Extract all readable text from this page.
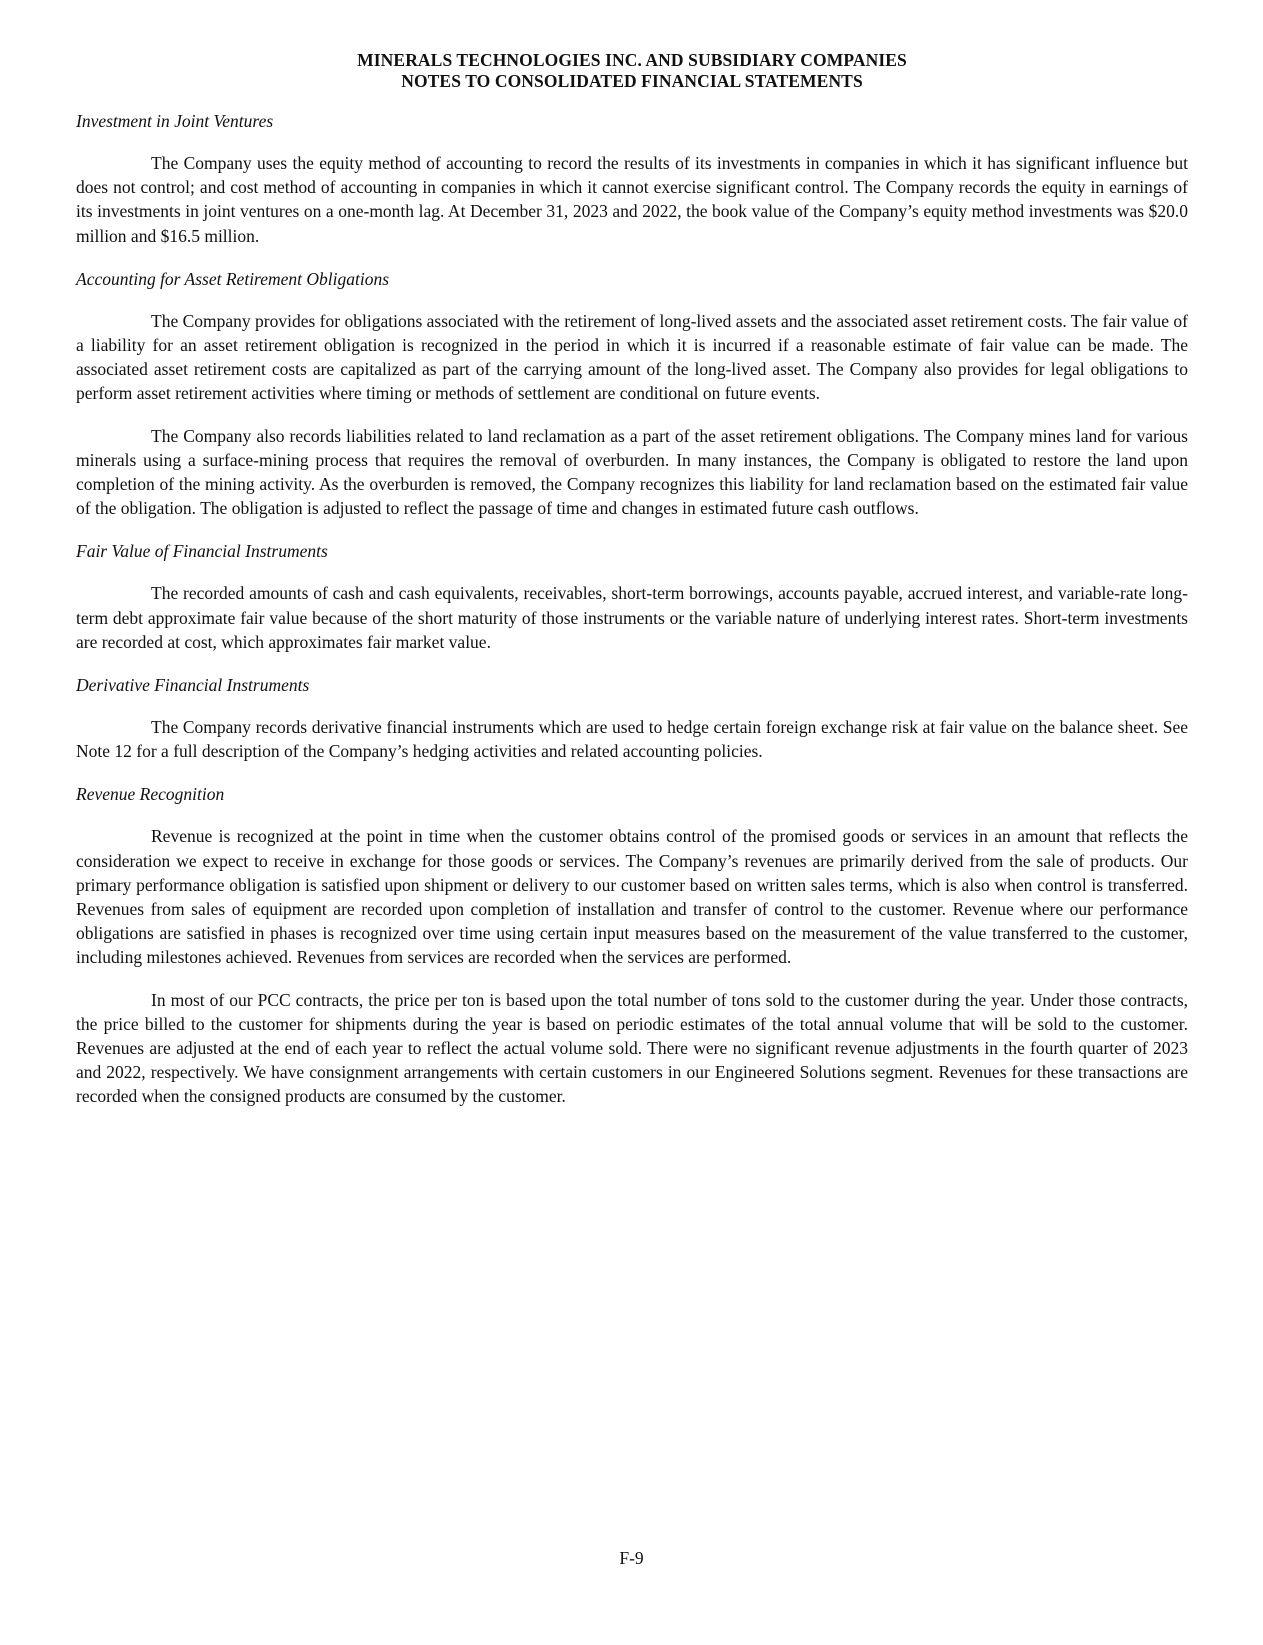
MINERALS TECHNOLOGIES INC. AND SUBSIDIARY COMPANIES
NOTES TO CONSOLIDATED FINANCIAL STATEMENTS

Investment in Joint Ventures

The Company uses the equity method of accounting to record the results of its investments in companies in which it has significant influence but does not control; and cost method of accounting in companies in which it cannot exercise significant control. The Company records the equity in earnings of its investments in joint ventures on a one-month lag. At December 31, 2023 and 2022, the book value of the Company’s equity method investments was $20.0 million and $16.5 million.

Accounting for Asset Retirement Obligations

The Company provides for obligations associated with the retirement of long-lived assets and the associated asset retirement costs. The fair value of a liability for an asset retirement obligation is recognized in the period in which it is incurred if a reasonable estimate of fair value can be made. The associated asset retirement costs are capitalized as part of the carrying amount of the long-lived asset. The Company also provides for legal obligations to perform asset retirement activities where timing or methods of settlement are conditional on future events.

The Company also records liabilities related to land reclamation as a part of the asset retirement obligations. The Company mines land for various minerals using a surface-mining process that requires the removal of overburden. In many instances, the Company is obligated to restore the land upon completion of the mining activity. As the overburden is removed, the Company recognizes this liability for land reclamation based on the estimated fair value of the obligation. The obligation is adjusted to reflect the passage of time and changes in estimated future cash outflows.

Fair Value of Financial Instruments

The recorded amounts of cash and cash equivalents, receivables, short-term borrowings, accounts payable, accrued interest, and variable-rate long-term debt approximate fair value because of the short maturity of those instruments or the variable nature of underlying interest rates. Short-term investments are recorded at cost, which approximates fair market value.

Derivative Financial Instruments

The Company records derivative financial instruments which are used to hedge certain foreign exchange risk at fair value on the balance sheet. See Note 12 for a full description of the Company’s hedging activities and related accounting policies.

Revenue Recognition

Revenue is recognized at the point in time when the customer obtains control of the promised goods or services in an amount that reflects the consideration we expect to receive in exchange for those goods or services. The Company’s revenues are primarily derived from the sale of products. Our primary performance obligation is satisfied upon shipment or delivery to our customer based on written sales terms, which is also when control is transferred. Revenues from sales of equipment are recorded upon completion of installation and transfer of control to the customer. Revenue where our performance obligations are satisfied in phases is recognized over time using certain input measures based on the measurement of the value transferred to the customer, including milestones achieved. Revenues from services are recorded when the services are performed.

In most of our PCC contracts, the price per ton is based upon the total number of tons sold to the customer during the year. Under those contracts, the price billed to the customer for shipments during the year is based on periodic estimates of the total annual volume that will be sold to the customer. Revenues are adjusted at the end of each year to reflect the actual volume sold. There were no significant revenue adjustments in the fourth quarter of 2023 and 2022, respectively. We have consignment arrangements with certain customers in our Engineered Solutions segment. Revenues for these transactions are recorded when the consigned products are consumed by the customer.

F-9
